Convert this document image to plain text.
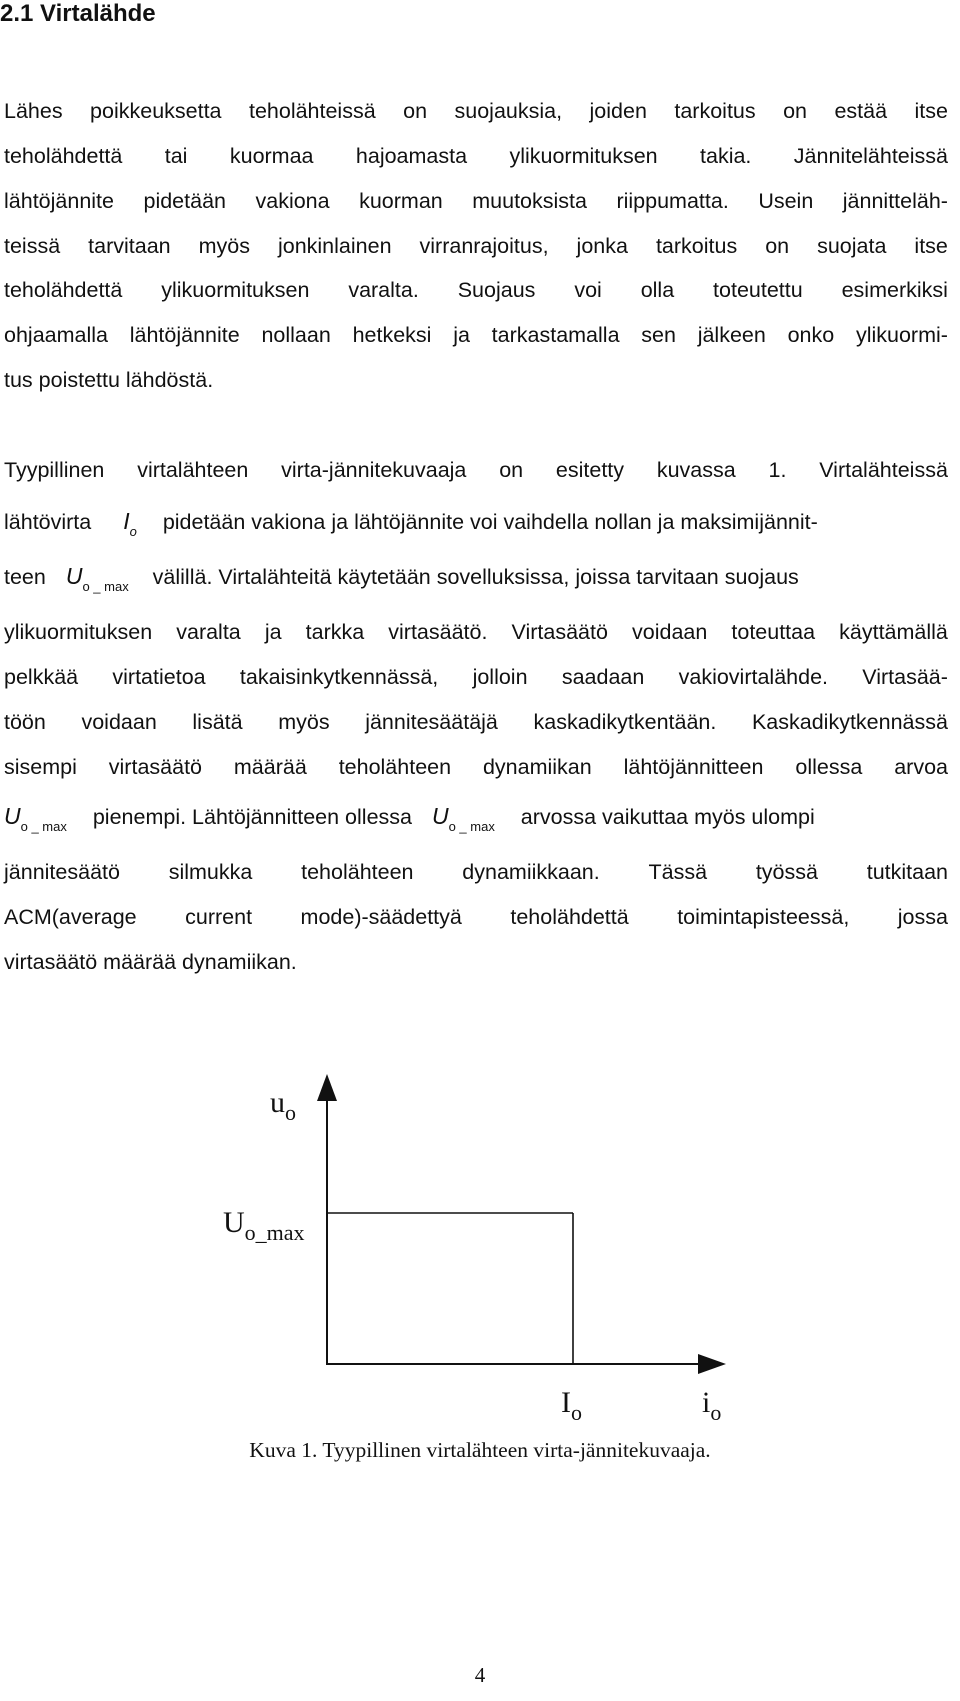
2.1 Virtalähde
Lähes poikkeuksetta teholähteissä on suojauksia, joiden tarkoitus on estää itse
teholähdettä tai kuormaa hajoamasta ylikuormituksen takia. Jännitelähteissä
lähtöjännite pidetään vakiona kuorman muutoksista riippumatta. Usein jännitteläh-
teissä tarvitaan myös jonkinlainen virranrajoitus, jonka tarkoitus on suojata itse
teholähdettä ylikuormituksen varalta. Suojaus voi olla toteutettu esimerkiksi
ohjaamalla lähtöjännite nollaan hetkeksi ja tarkastamalla sen jälkeen onko ylikuormi-
tus poistettu lähdöstä.
Tyypillinen virtalähteen virta-jännitekuvaaja on esitetty kuvassa 1. Virtalähteissä
lähtövirta $I_o$ pidetään vakiona ja lähtöjännite voi vaihdella nollan ja maksimijännit-
teen $U_{o \_ max}$ välillä. Virtalähteitä käytetään sovelluksissa, joissa tarvitaan suojaus
ylikuormituksen varalta ja tarkka virtasäätö. Virtasäätö voidaan toteuttaa käyttämällä
pelkkää virtatietoa takaisinkytkennässä, jolloin saadaan vakiovirtalähde. Virtasää-
töön voidaan lisätä myös jännitesäätäjä kaskadikytkentään. Kaskadikytkennässä
sisempi virtasäätö määrää teholähteen dynamiikan lähtöjännitteen ollessa arvoa
$U_{o \_ max}$ pienempi. Lähtöjännitteen ollessa $U_{o \_ max}$ arvossa vaikuttaa myös ulompi
jännitesäätö silmukka teholähteen dynamiikkaan. Tässä työssä tutkitaan
ACM(average current mode)-säädettyä teholähdettä toimintapisteessä, jossa
virtasäätö määrää dynamiikan.
$u_o$
$U_{o\_max}$
$I_o$	$i_o$
Kuva 1. Tyypillinen virtalähteen virta-jännitekuvaaja.
4
